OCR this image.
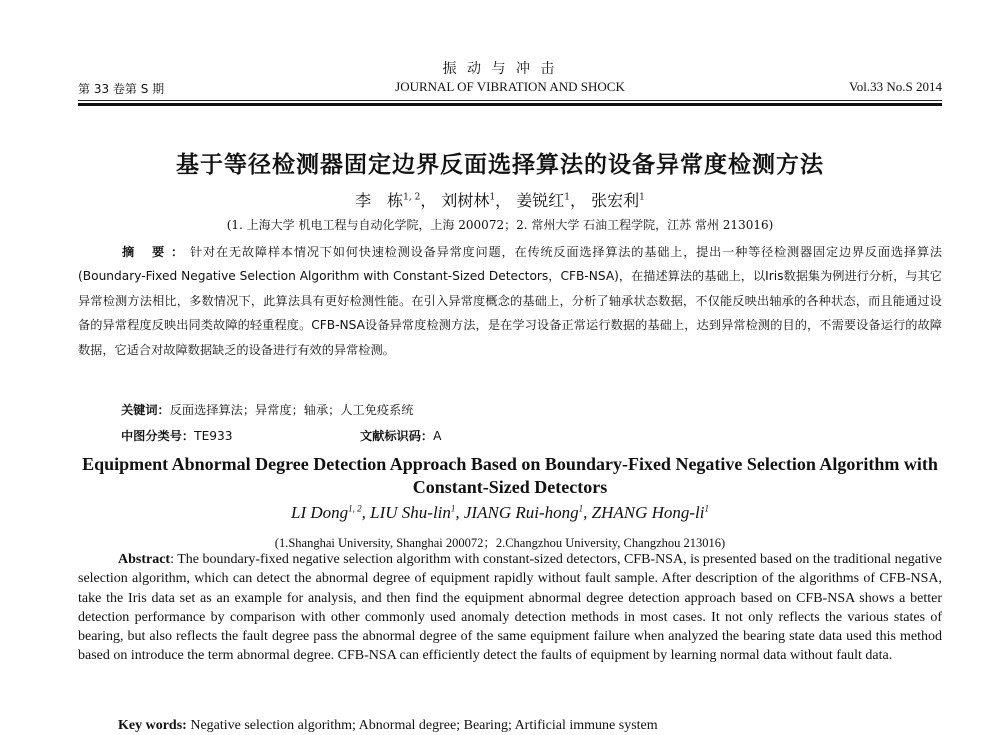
振 动 与 冲 击
第 33 卷第 S 期	JOURNAL OF VIBRATION AND SHOCK	Vol.33 No.S 2014
基于等径检测器固定边界反面选择算法的设备异常度检测方法
李　栋$^{1, 2}$， 刘树林$^1$， 姜锐红$^1$， 张宏利$^1$
(1. 上海大学 机电工程与自动化学院，上海 200072；2. 常州大学 石油工程学院，江苏 常州 213016)

摘 要：针对在无故障样本情况下如何快速检测设备异常度问题，在传统反面选择算法的基础上，提出一种等径检测器固定边界反面选择算法(Boundary-Fixed Negative Selection Algorithm with Constant-Sized Detectors，CFB-NSA)，在描述算法的基础上，以Iris数据集为例进行分析，与其它异常检测方法相比，多数情况下，此算法具有更好检测性能。在引入异常度概念的基础上，分析了轴承状态数据，不仅能反映出轴承的各种状态，而且能通过设备的异常程度反映出同类故障的轻重程度。CFB-NSA设备异常度检测方法，是在学习设备正常运行数据的基础上，达到异常检测的目的，不需要设备运行的故障数据，它适合对故障数据缺乏的设备进行有效的异常检测。

关键词：反面选择算法；异常度；轴承；人工免疫系统
中图分类号：TE933	文献标识码：A
Equipment Abnormal Degree Detection Approach Based on Boundary-Fixed Negative Selection Algorithm with Constant-Sized Detectors
LI Dong$^{1, 2}$, LIU Shu-lin$^1$, JIANG Rui-hong$^1$, ZHANG Hong-$li^1$
(1.Shanghai University, Shanghai 200072；2.Changzhou University, Changzhou 213016)

Abstract: The boundary-fixed negative selection algorithm with constant-sized detectors, CFB-NSA, is presented based on the traditional negative selection algorithm, which can detect the abnormal degree of equipment rapidly without fault sample. After description of the algorithms of CFB-NSA, take the Iris data set as an example for analysis, and then find the equipment abnormal degree detection approach based on CFB-NSA shows a better detection performance by comparison with other commonly used anomaly detection methods in most cases. It not only reflects the various states of bearing, but also reflects the fault degree pass the abnormal degree of the same equipment failure when analyzed the bearing state data used this method based on introduce the term abnormal degree. CFB-NSA can efficiently detect the faults of equipment by learning normal data without fault data.

Key words: Negative selection algorithm; Abnormal degree; Bearing; Artificial immune system
